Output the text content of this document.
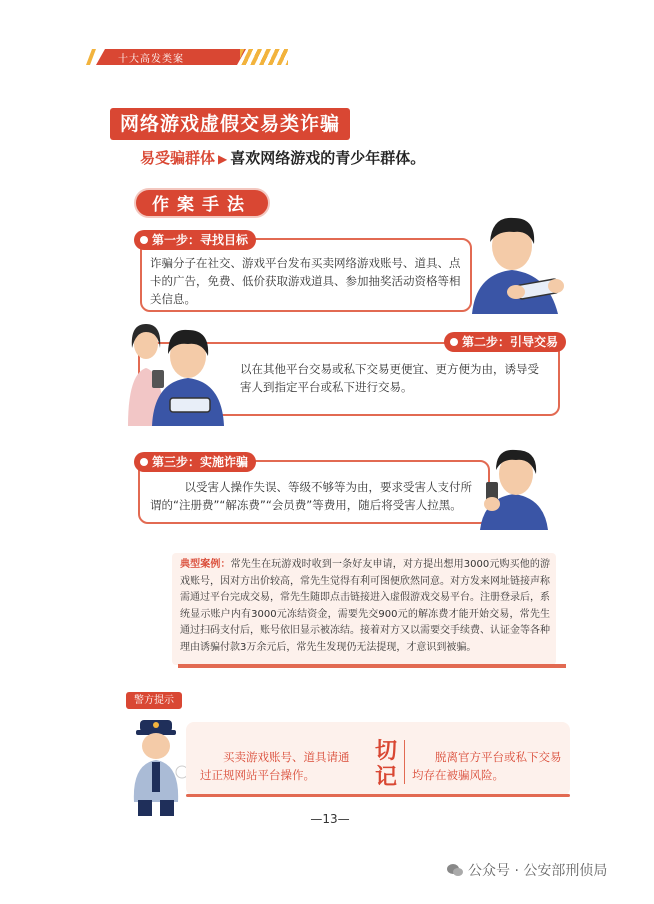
十大高发类案
网络游戏虚假交易类诈骗
易受骗群体 ▶ 喜欢网络游戏的青少年群体。
作案手法
第一步：寻找目标

诈骗分子在社交、游戏平台发布买卖网络游戏账号、道具、点卡的广告，免费、低价获取游戏道具、参加抽奖活动资格等相关信息。

第二步：引导交易

以在其他平台交易或私下交易更便宜、更方便为由，诱导受害人到指定平台或私下进行交易。

第三步：实施诈骗

以受害人操作失误、等级不够等为由，要求受害人支付所谓的“注册费”“解冻费”“会员费”等费用，随后将受害人拉黑。

典型案例：常先生在玩游戏时收到一条好友申请，对方提出想用3000元购买他的游戏账号，因对方出价较高，常先生觉得有利可图便欣然同意。对方发来网址链接声称需通过平台完成交易，常先生随即点击链接进入虚假游戏交易平台。注册登录后，系统显示账户内有3000元冻结资金，需要先交900元的解冻费才能开始交易，常先生通过扫码支付后，账号依旧显示被冻结。接着对方又以需要交手续费、认证金等各种理由诱骗付款3万余元后，常先生发现仍无法提现，才意识到被骗。

警方提示

买卖游戏账号、道具请通过正规网站平台操作。

切记

脱离官方平台或私下交易均存在被骗风险。

—13—
公众号 · 公安部刑侦局
